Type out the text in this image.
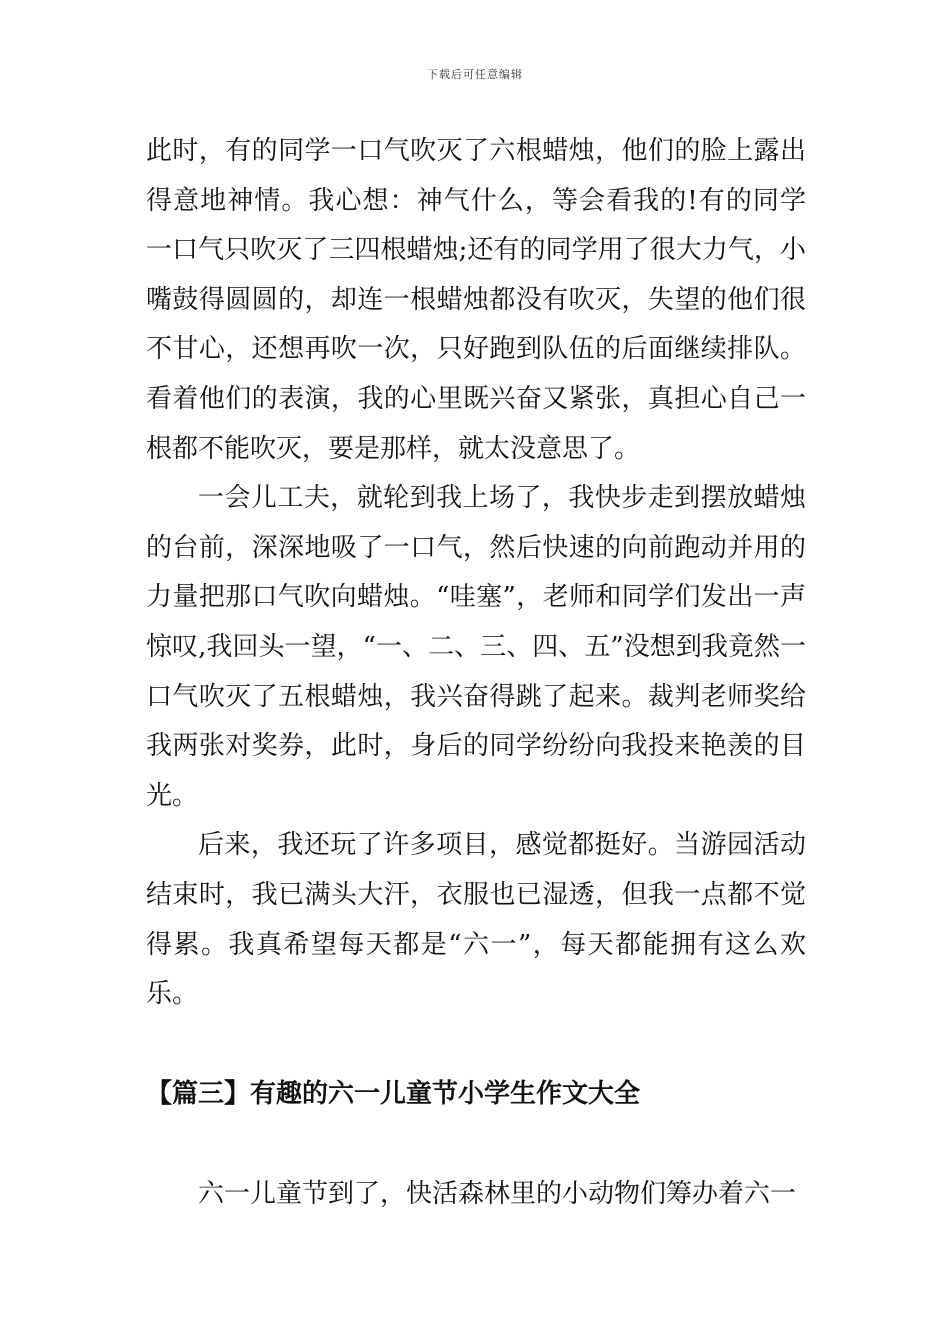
下载后可任意编辑

此时，有的同学一口气吹灭了六根蜡烛，他们的脸上露出得意地神情。我心想：神气什么，等会看我的!有的同学一口气只吹灭了三四根蜡烛;还有的同学用了很大力气，小嘴鼓得圆圆的，却连一根蜡烛都没有吹灭，失望的他们很不甘心，还想再吹一次，只好跑到队伍的后面继续排队。看着他们的表演，我的心里既兴奋又紧张，真担心自己一根都不能吹灭，要是那样，就太没意思了。

一会儿工夫，就轮到我上场了，我快步走到摆放蜡烛的台前，深深地吸了一口气，然后快速的向前跑动并用的力量把那口气吹向蜡烛。“哇塞”，老师和同学们发出一声惊叹,我回头一望，“一、二、三、四、五”没想到我竟然一口气吹灭了五根蜡烛，我兴奋得跳了起来。裁判老师奖给我两张对奖券，此时，身后的同学纷纷向我投来艳羡的目光。

后来，我还玩了许多项目，感觉都挺好。当游园活动结束时，我已满头大汗，衣服也已湿透，但我一点都不觉得累。我真希望每天都是“六一”，每天都能拥有这么欢乐。

【篇三】有趣的六一儿童节小学生作文大全

六一儿童节到了，快活森林里的小动物们筹办着六一
